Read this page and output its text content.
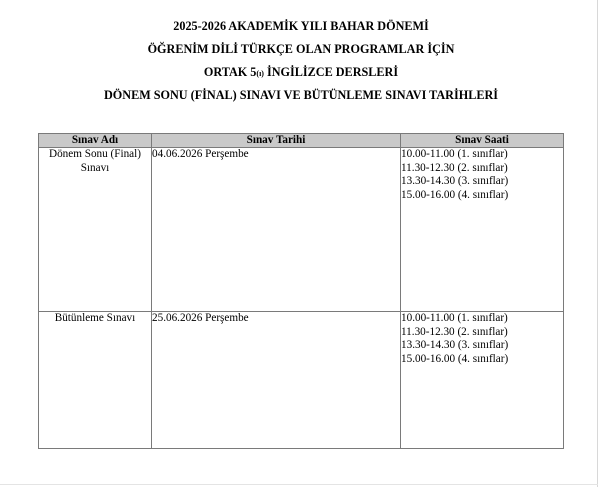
2025-2026 AKADEMİK YILI BAHAR DÖNEMİ
ÖĞRENİM DİLİ TÜRKÇE OLAN PROGRAMLAR İÇİN
ORTAK 5(ı) İNGİLİZCE DERSLERİ
DÖNEM SONU (FİNAL) SINAVI VE BÜTÜNLEME SINAVI TARİHLERİ
Sınav Adı	Sınav Tarihi	Sınav Saati
Dönem Sonu (Final) Sınavı	04.06.2026 Perşembe	10.00-11.00 (1. sınıflar)
11.30-12.30 (2. sınıflar)
13.30-14.30 (3. sınıflar)
15.00-16.00 (4. sınıflar)

Bütünleme Sınavı	25.06.2026 Perşembe	10.00-11.00 (1. sınıflar)
11.30-12.30 (2. sınıflar)
13.30-14.30 (3. sınıflar)
15.00-16.00 (4. sınıflar)
